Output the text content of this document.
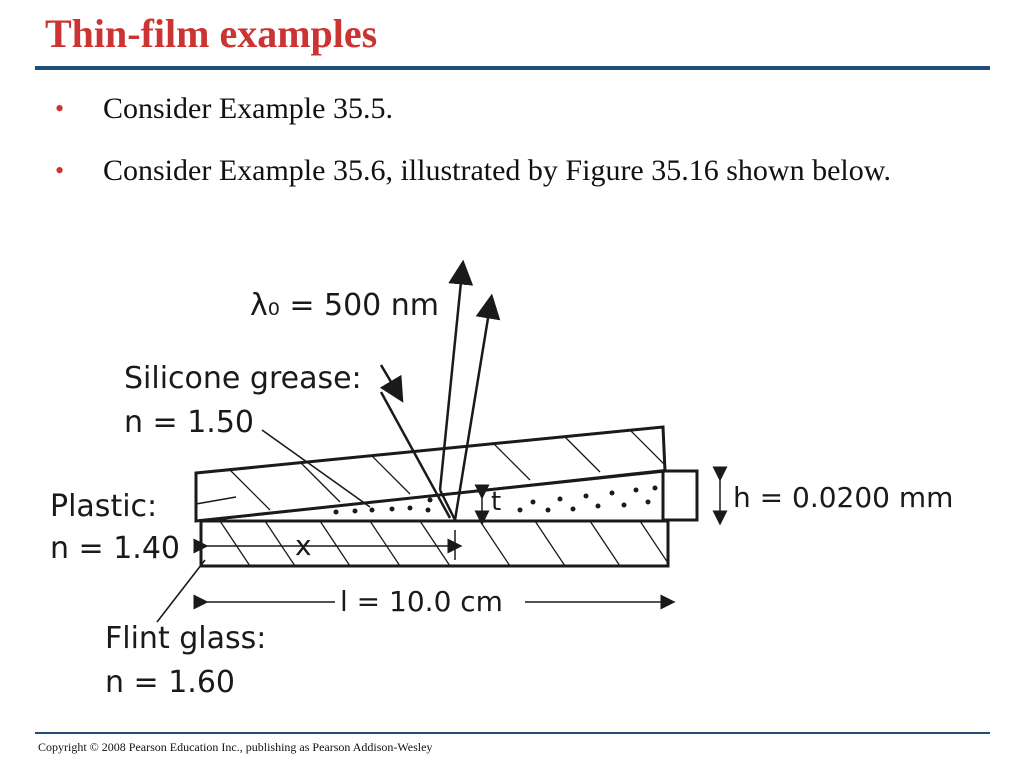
Thin-film examples
• Consider Example 35.5.
• Consider Example 35.6, illustrated by Figure 35.16 shown below.
x
t	h = 0.0200 mm
l = 10.0 cm
λ₀ = 500 nm
Silicone grease:
n = 1.50
Plastic:
n = 1.40
Flint glass:
n = 1.60
Copyright © 2008 Pearson Education Inc., publishing as Pearson Addison-Wesley
